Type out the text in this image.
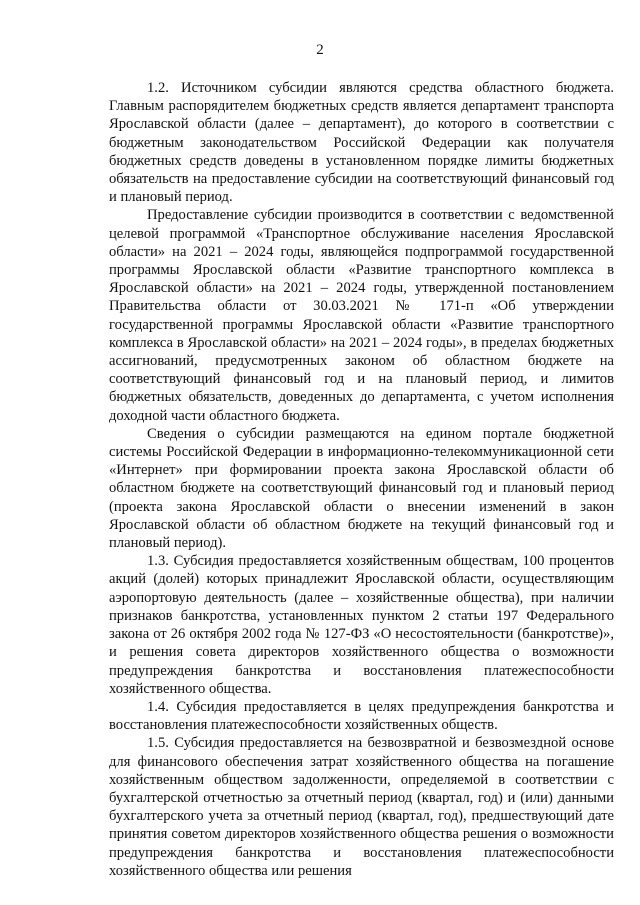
2

1.2. Источником субсидии являются средства областного бюджета. Главным распорядителем бюджетных средств является департамент транспорта Ярославской области (далее – департамент), до которого в соответствии с бюджетным законодательством Российской Федерации как получателя бюджетных средств доведены в установленном порядке лимиты бюджетных обязательств на предоставление субсидии на соответствующий финансовый год и плановый период.

Предоставление субсидии производится в соответствии с ведомственной целевой программой «Транспортное обслуживание населения Ярославской области» на 2021 – 2024 годы, являющейся подпрограммой государственной программы Ярославской области «Развитие транспортного комплекса в Ярославской области» на 2021 – 2024 годы, утвержденной постановлением Правительства области от 30.03.2021 № 171-п «Об утверждении государственной программы Ярославской области «Развитие транспортного комплекса в Ярославской области» на 2021 – 2024 годы», в пределах бюджетных ассигнований, предусмотренных законом об областном бюджете на соответствующий финансовый год и на плановый период, и лимитов бюджетных обязательств, доведенных до департамента, с учетом исполнения доходной части областного бюджета.

Сведения о субсидии размещаются на едином портале бюджетной системы Российской Федерации в информационно-телекоммуникационной сети «Интернет» при формировании проекта закона Ярославской области об областном бюджете на соответствующий финансовый год и плановый период (проекта закона Ярославской области о внесении изменений в закон Ярославской области об областном бюджете на текущий финансовый год и плановый период).

1.3. Субсидия предоставляется хозяйственным обществам, 100 процентов акций (долей) которых принадлежит Ярославской области, осуществляющим аэропортовую деятельность (далее – хозяйственные общества), при наличии признаков банкротства, установленных пунктом 2 статьи 197 Федерального закона от 26 октября 2002 года № 127-ФЗ «О несостоятельности (банкротстве)», и решения совета директоров хозяйственного общества о возможности предупреждения банкротства и восстановления платежеспособности хозяйственного общества.

1.4. Субсидия предоставляется в целях предупреждения банкротства и восстановления платежеспособности хозяйственных обществ.

1.5. Субсидия предоставляется на безвозвратной и безвозмездной основе для финансового обеспечения затрат хозяйственного общества на погашение хозяйственным обществом задолженности, определяемой в соответствии с бухгалтерской отчетностью за отчетный период (квартал, год) и (или) данными бухгалтерского учета за отчетный период (квартал, год), предшествующий дате принятия советом директоров хозяйственного общества решения о возможности предупреждения банкротства и восстановления платежеспособности хозяйственного общества или решения
